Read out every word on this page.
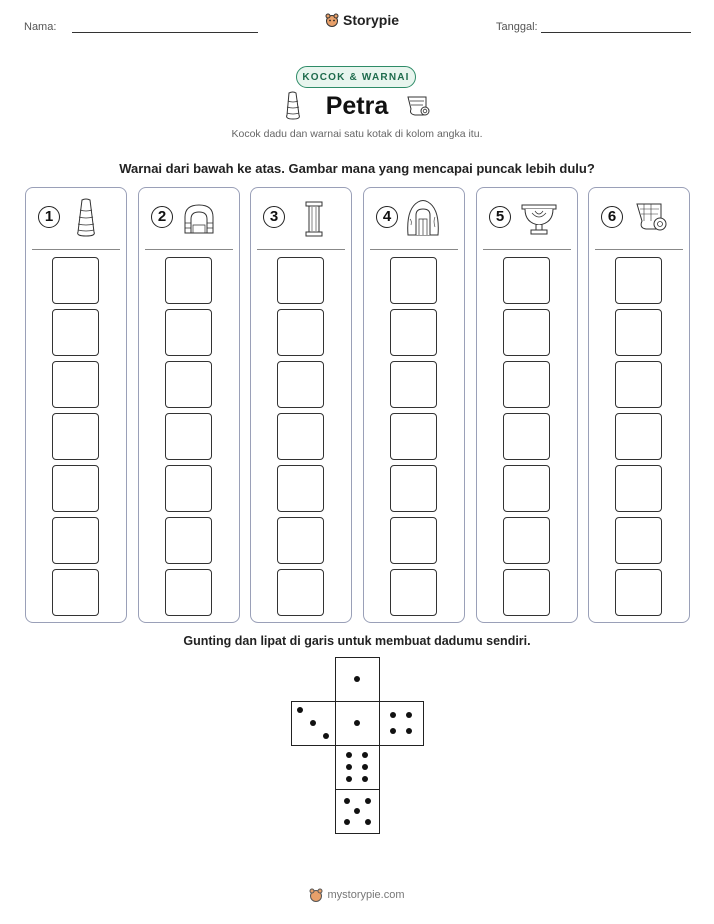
Nama:	Storypie	Tanggal:
KOCOK & WARNAI
Petra
Kocok dadu dan warnai satu kotak di kolom angka itu.
Warnai dari bawah ke atas. Gambar mana yang mencapai puncak lebih dulu?
1	2	3	4	5	6
Gunting dan lipat di garis untuk membuat dadumu sendiri.
mystorypie.com
